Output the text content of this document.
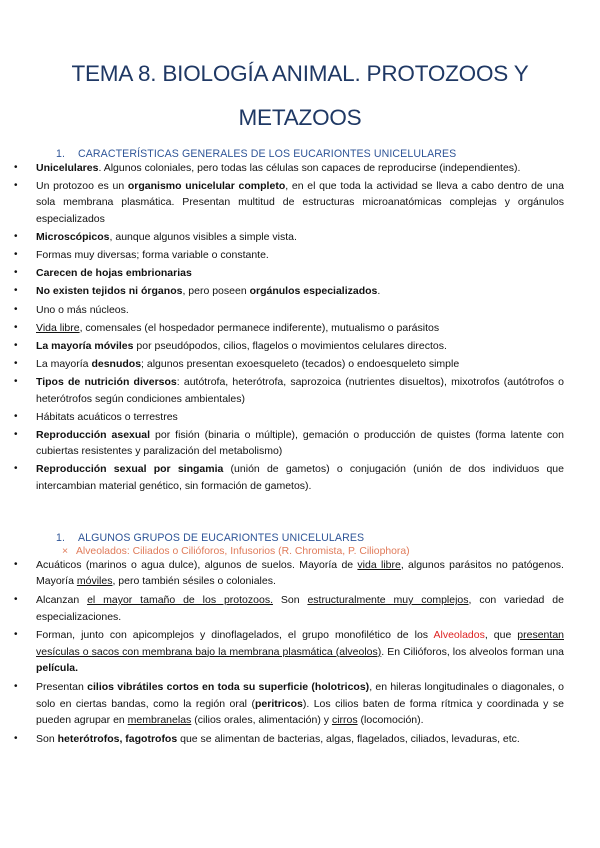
TEMA 8. BIOLOGÍA ANIMAL. PROTOZOOS Y
METAZOOS
1. CARACTERÍSTICAS GENERALES DE LOS EUCARIONTES UNICELULARES
• Unicelulares. Algunos coloniales, pero todas las células son capaces de reproducirse (independientes).
• Un protozoo es un organismo unicelular completo, en el que toda la actividad se lleva a cabo dentro de una sola membrana plasmática. Presentan multitud de estructuras microanatómicas complejas y orgánulos especializados
• Microscópicos, aunque algunos visibles a simple vista.
• Formas muy diversas; forma variable o constante.
• Carecen de hojas embrionarias
• No existen tejidos ni órganos, pero poseen orgánulos especializados.
• Uno o más núcleos.
• Vida libre, comensales (el hospedador permanece indiferente), mutualismo o parásitos
• La mayoría móviles por pseudópodos, cilios, flagelos o movimientos celulares directos.
• La mayoría desnudos; algunos presentan exoesqueleto (tecados) o endoesqueleto simple
• Tipos de nutrición diversos: autótrofa, heterótrofa, saprozoica (nutrientes disueltos), mixotrofos (autótrofos o heterótrofos según condiciones ambientales)
• Hábitats acuáticos o terrestres
• Reproducción asexual por fisión (binaria o múltiple), gemación o producción de quistes (forma latente con cubiertas resistentes y paralización del metabolismo)
• Reproducción sexual por singamia (unión de gametos) o conjugación (unión de dos individuos que intercambian material genético, sin formación de gametos).
1. ALGUNOS GRUPOS DE EUCARIONTES UNICELULARES
× Alveolados: Ciliados o Cilióforos, Infusorios (R. Chromista, P. Ciliophora)
• Acuáticos (marinos o agua dulce), algunos de suelos. Mayoría de vida libre, algunos parásitos no patógenos. Mayoría móviles, pero también sésiles o coloniales.
• Alcanzan el mayor tamaño de los protozoos. Son estructuralmente muy complejos, con variedad de especializaciones.
• Forman, junto con apicomplejos y dinoflagelados, el grupo monofilético de los Alveolados, que presentan vesículas o sacos con membrana bajo la membrana plasmática (alveolos). En Cilióforos, los alveolos forman una película.
• Presentan cilios vibrátiles cortos en toda su superficie (holotricos), en hileras longitudinales o diagonales, o solo en ciertas bandas, como la región oral (peritricos). Los cilios baten de forma rítmica y coordinada y se pueden agrupar en membranelas (cilios orales, alimentación) y cirros (locomoción).
• Son heterótrofos, fagotrofos que se alimentan de bacterias, algas, flagelados, ciliados, levaduras, etc.
